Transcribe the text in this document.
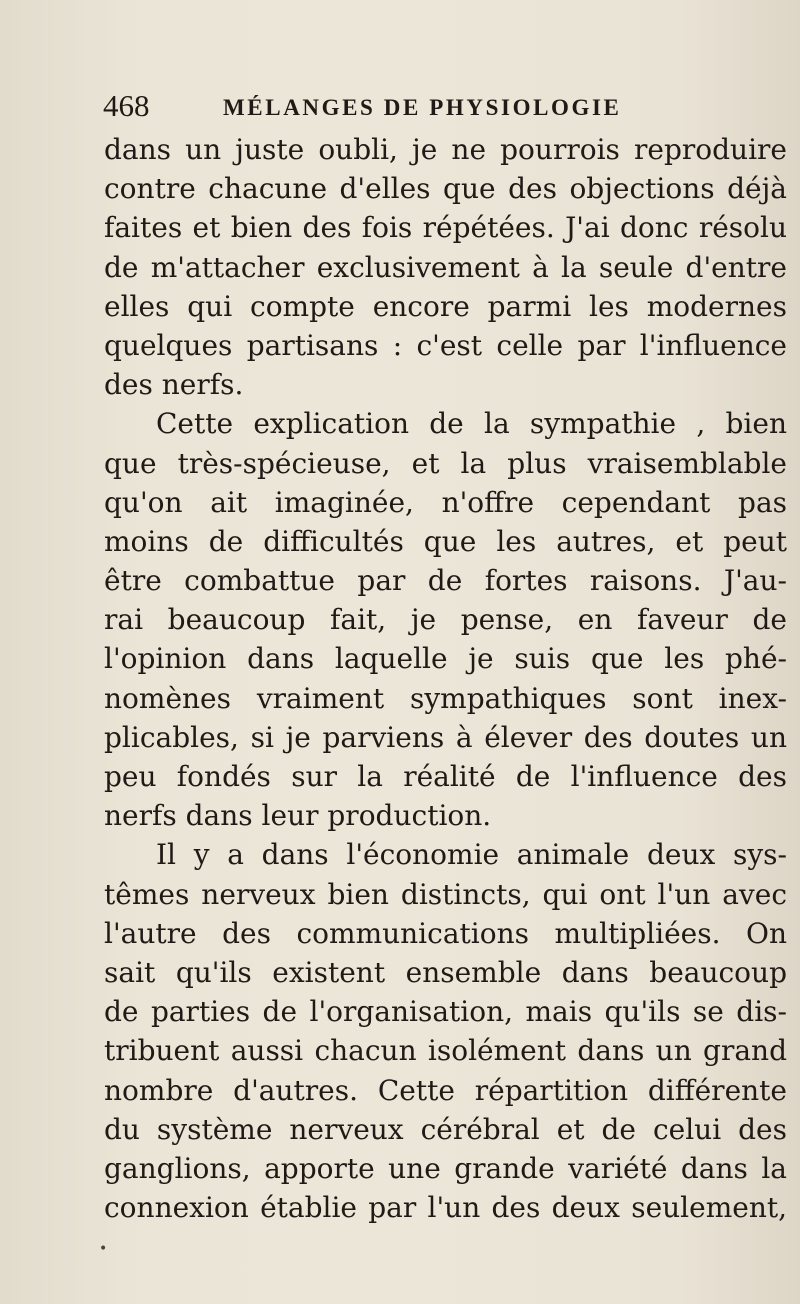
468	MÉLANGES DE PHYSIOLOGIE
dans un juste oubli, je ne pourrois reproduire
contre chacune d'elles que des objections déjà
faites et bien des fois répétées. J'ai donc résolu
de m'attacher exclusivement à la seule d'entre
elles qui compte encore parmi les modernes
quelques partisans : c'est celle par l'influence
des nerfs.
Cette explication de la sympathie , bien
que très-spécieuse, et la plus vraisemblable
qu'on ait imaginée, n'offre cependant pas
moins de difficultés que les autres, et peut
être combattue par de fortes raisons. J'au-
rai beaucoup fait, je pense, en faveur de
l'opinion dans laquelle je suis que les phé-
nomènes vraiment sympathiques sont inex-
plicables, si je parviens à élever des doutes un
peu fondés sur la réalité de l'influence des
nerfs dans leur production.
Il y a dans l'économie animale deux sys-
têmes nerveux bien distincts, qui ont l'un avec
l'autre des communications multipliées. On
sait qu'ils existent ensemble dans beaucoup
de parties de l'organisation, mais qu'ils se dis-
tribuent aussi chacun isolément dans un grand
nombre d'autres. Cette répartition différente
du système nerveux cérébral et de celui des
ganglions, apporte une grande variété dans la
connexion établie par l'un des deux seulement,
•
